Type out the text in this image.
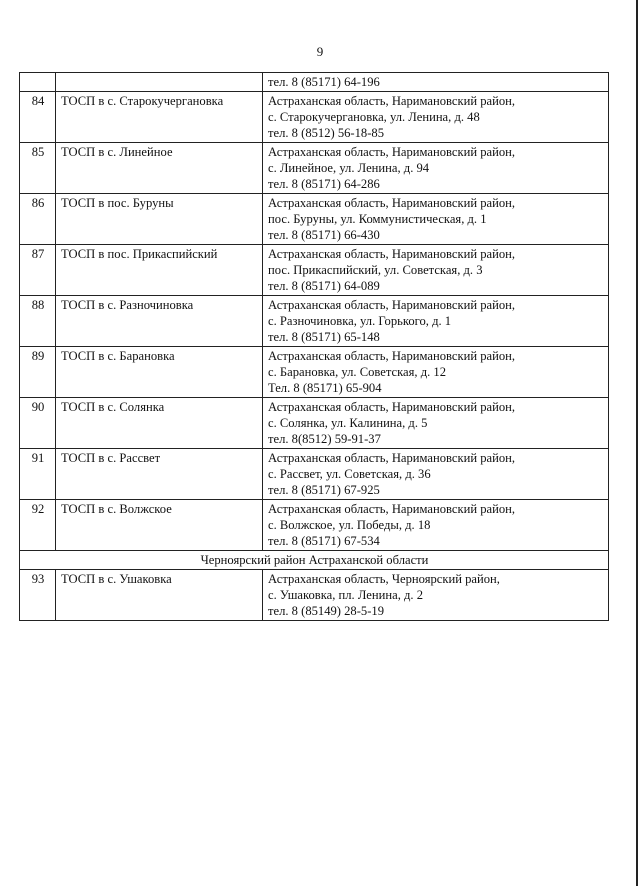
9

		тел. 8 (85171) 64-196

84	ТОСП в с. Старокучергановка	Астраханская область, Наримановский район,
с. Старокучергановка, ул. Ленина, д. 48
тел. 8 (8512) 56-18-85

85	ТОСП в с. Линейное	Астраханская область, Наримановский район,
с. Линейное, ул. Ленина, д. 94
тел. 8 (85171) 64-286

86	ТОСП в пос. Буруны	Астраханская область, Наримановский район,
пос. Буруны, ул. Коммунистическая, д. 1
тел. 8 (85171) 66-430

87	ТОСП в пос. Прикаспийский	Астраханская область, Наримановский район,
пос. Прикаспийский, ул. Советская, д. 3
тел. 8 (85171) 64-089

88	ТОСП в с. Разночиновка	Астраханская область, Наримановский район,
с. Разночиновка, ул. Горького, д. 1
тел. 8 (85171) 65-148

89	ТОСП в с. Барановка	Астраханская область, Наримановский район,
с. Барановка, ул. Советская, д. 12
Тел. 8 (85171) 65-904

90	ТОСП в с. Солянка	Астраханская область, Наримановский район,
с. Солянка, ул. Калинина, д. 5
тел. 8(8512) 59-91-37

91	ТОСП в с. Рассвет	Астраханская область, Наримановский район,
с. Рассвет, ул. Советская, д. 36
тел. 8 (85171) 67-925

92	ТОСП в с. Волжское	Астраханская область, Наримановский район,
с. Волжское, ул. Победы, д. 18
тел. 8 (85171) 67-534

Черноярский район Астраханской области		
93	ТОСП в с. Ушаковка	Астраханская область, Черноярский район,
с. Ушаковка, пл. Ленина, д. 2
тел. 8 (85149) 28-5-19
